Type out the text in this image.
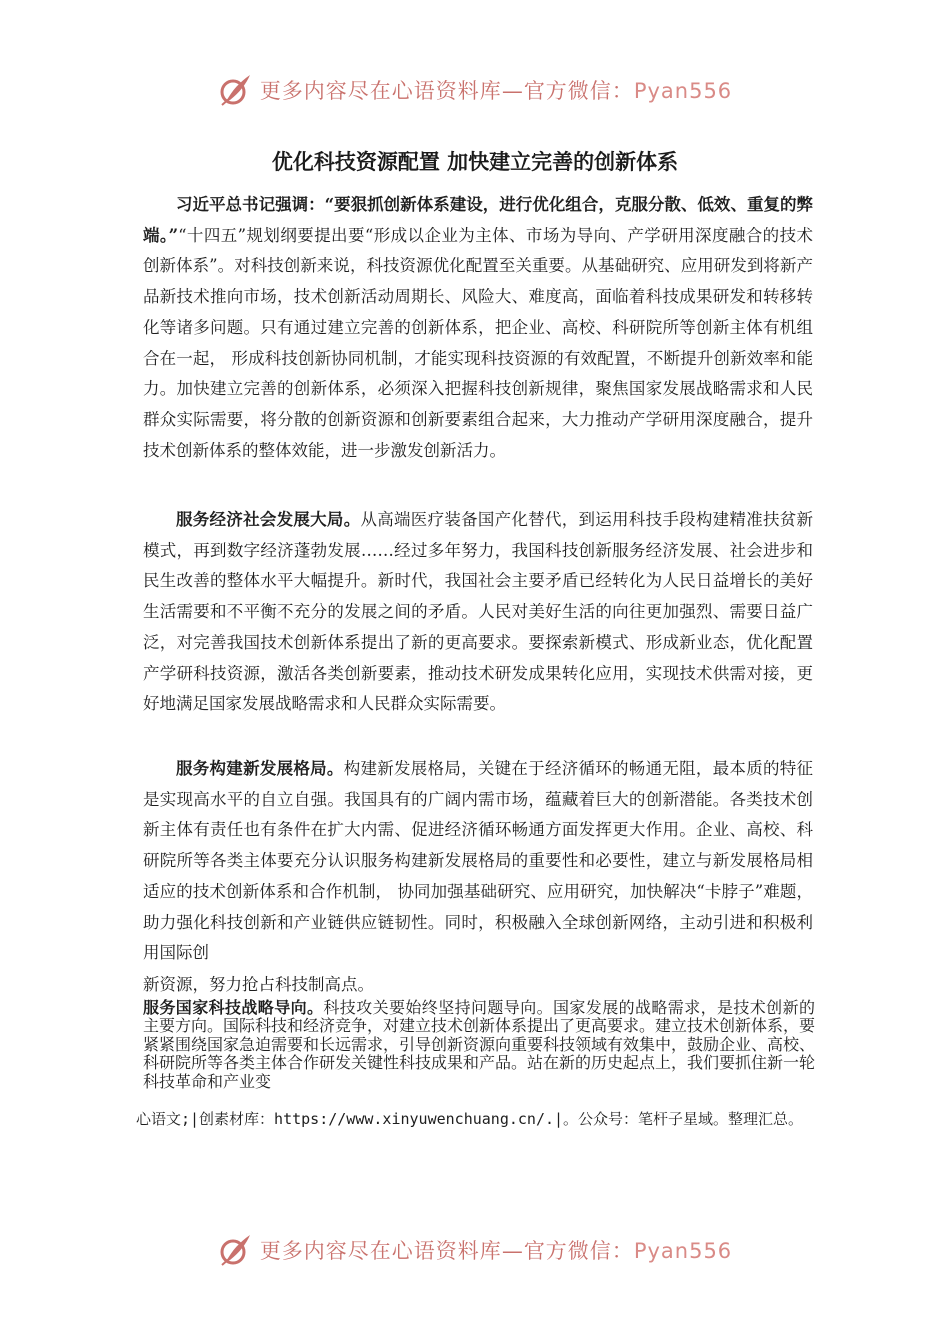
更多内容尽在心语资料库—官方微信：Pyan556
优化科技资源配置 加快建立完善的创新体系

习近平总书记强调：“要狠抓创新体系建设，进行优化组合，克服分散、低效、重复的弊端。”“十四五”规划纲要提出要“形成以企业为主体、市场为导向、产学研用深度融合的技术创新体系”。对科技创新来说，科技资源优化配置至关重要。从基础研究、应用研发到将新产品新技术推向市场，技术创新活动周期长、风险大、难度高，面临着科技成果研发和转移转化等诸多问题。只有通过建立完善的创新体系，把企业、高校、科研院所等创新主体有机组合在一起， 形成科技创新协同机制，才能实现科技资源的有效配置，不断提升创新效率和能力。加快建立完善的创新体系，必须深入把握科技创新规律，聚焦国家发展战略需求和人民群众实际需要，将分散的创新资源和创新要素组合起来，大力推动产学研用深度融合，提升技术创新体系的整体效能，进一步激发创新活力。

服务经济社会发展大局。从高端医疗装备国产化替代，到运用科技手段构建精准扶贫新模式，再到数字经济蓬勃发展……经过多年努力，我国科技创新服务经济发展、社会进步和民生改善的整体水平大幅提升。新时代，我国社会主要矛盾已经转化为人民日益增长的美好生活需要和不平衡不充分的发展之间的矛盾。人民对美好生活的向往更加强烈、需要日益广泛，对完善我国技术创新体系提出了新的更高要求。要探索新模式、形成新业态，优化配置产学研科技资源，激活各类创新要素，推动技术研发成果转化应用，实现技术供需对接，更好地满足国家发展战略需求和人民群众实际需要。

服务构建新发展格局。构建新发展格局，关键在于经济循环的畅通无阻，最本质的特征是实现高水平的自立自强。我国具有的广阔内需市场，蕴藏着巨大的创新潜能。各类技术创新主体有责任也有条件在扩大内需、促进经济循环畅通方面发挥更大作用。企业、高校、科研院所等各类主体要充分认识服务构建新发展格局的重要性和必要性，建立与新发展格局相适应的技术创新体系和合作机制， 协同加强基础研究、应用研究，加快解决“卡脖子”难题，助力强化科技创新和产业链供应链韧性。同时，积极融入全球创新网络，主动引进和积极利用国际创

新资源，努力抢占科技制高点。
服务国家科技战略导向。科技攻关要始终坚持问题导向。国家发展的战略需求，是技术创新的主要方向。国际科技和经济竞争，对建立技术创新体系提出了更高要求。建立技术创新体系，要紧紧围绕国家急迫需要和长远需求，引导创新资源向重要科技领域有效集中，鼓励企业、高校、科研院所等各类主体合作研发关键性科技成果和产品。站在新的历史起点上，我们要抓住新一轮科技革命和产业变
心语文;|创素材库：https://www.xinyuwenchuang.cn/.|。公众号：笔杆子星域。整理汇总。
更多内容尽在心语资料库—官方微信：Pyan556
